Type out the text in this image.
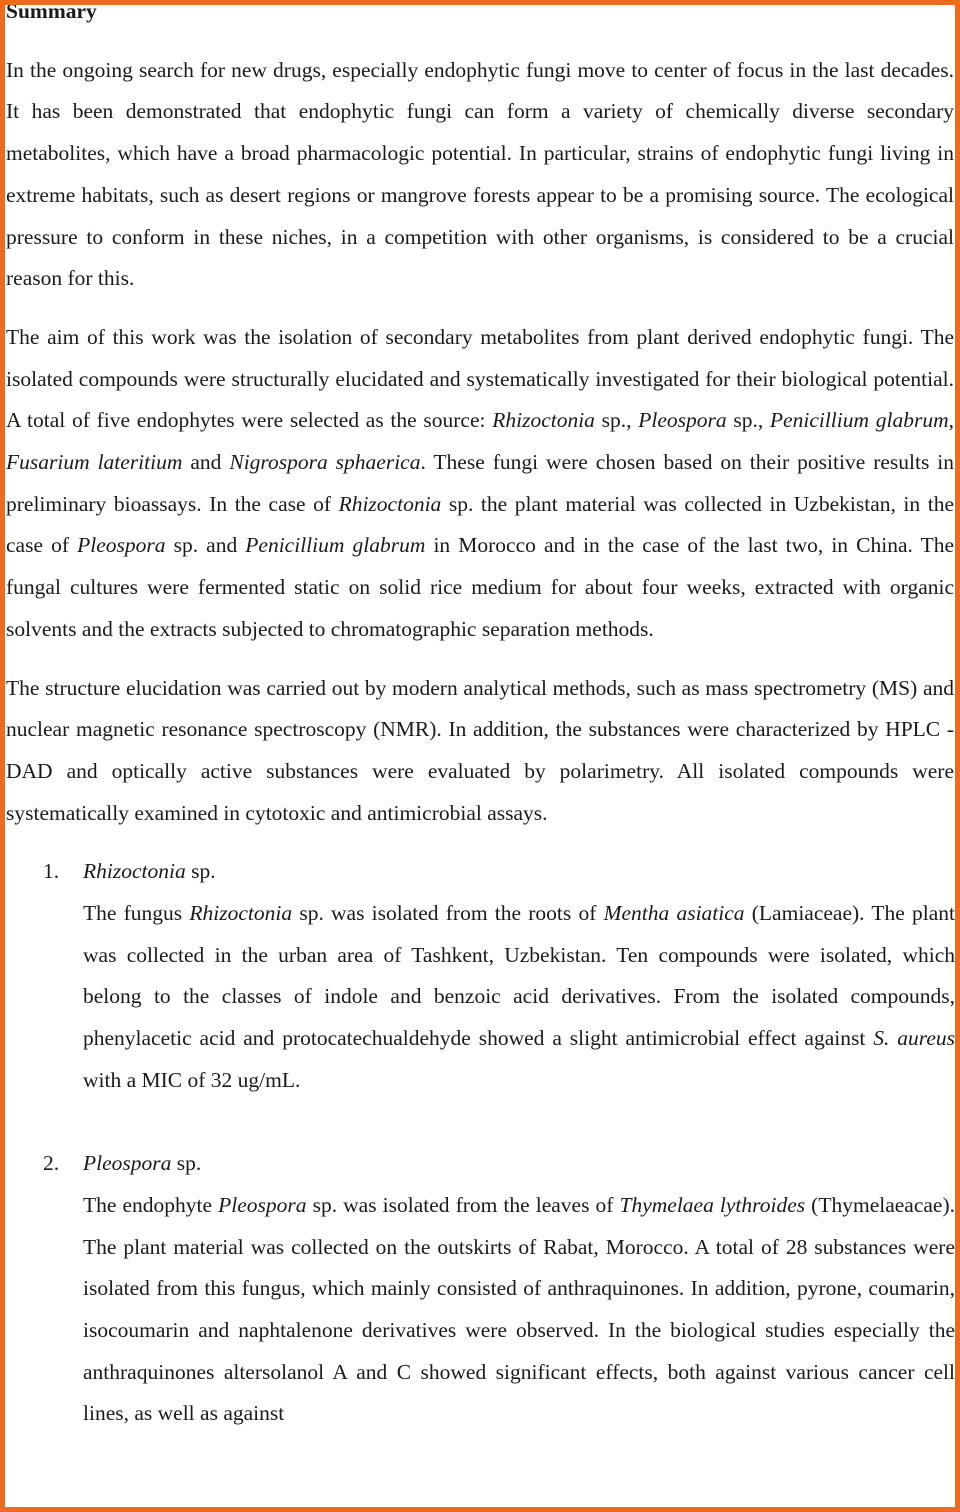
Summary

In the ongoing search for new drugs, especially endophytic fungi move to center of focus in the last decades. It has been demonstrated that endophytic fungi can form a variety of chemically diverse secondary metabolites, which have a broad pharmacologic potential. In particular, strains of endophytic fungi living in extreme habitats, such as desert regions or mangrove forests appear to be a promising source. The ecological pressure to conform in these niches, in a competition with other organisms, is considered to be a crucial reason for this.

The aim of this work was the isolation of secondary metabolites from plant derived endophytic fungi. The isolated compounds were structurally elucidated and systematically investigated for their biological potential. A total of five endophytes were selected as the source: Rhizoctonia sp., Pleospora sp., Penicillium glabrum, Fusarium lateritium and Nigrospora sphaerica. These fungi were chosen based on their positive results in preliminary bioassays. In the case of Rhizoctonia sp. the plant material was collected in Uzbekistan, in the case of Pleospora sp. and Penicillium glabrum in Morocco and in the case of the last two, in China. The fungal cultures were fermented static on solid rice medium for about four weeks, extracted with organic solvents and the extracts subjected to chromatographic separation methods.

The structure elucidation was carried out by modern analytical methods, such as mass spectrometry (MS) and nuclear magnetic resonance spectroscopy (NMR). In addition, the substances were characterized by HPLC -DAD and optically active substances were evaluated by polarimetry. All isolated compounds were systematically examined in cytotoxic and antimicrobial assays.

1. Rhizoctonia sp.
The fungus Rhizoctonia sp. was isolated from the roots of Mentha asiatica (Lamiaceae). The plant was collected in the urban area of Tashkent, Uzbekistan. Ten compounds were isolated, which belong to the classes of indole and benzoic acid derivatives. From the isolated compounds, phenylacetic acid and protocatechualdehyde showed a slight antimicrobial effect against S. aureus with a MIC of 32 ug/mL.
2. Pleospora sp.
The endophyte Pleospora sp. was isolated from the leaves of Thymelaea lythroides (Thymelaeacae). The plant material was collected on the outskirts of Rabat, Morocco. A total of 28 substances were isolated from this fungus, which mainly consisted of anthraquinones. In addition, pyrone, coumarin, isocoumarin and naphtalenone derivatives were observed. In the biological studies especially the anthraquinones altersolanol A and C showed significant effects, both against various cancer cell lines, as well as against
